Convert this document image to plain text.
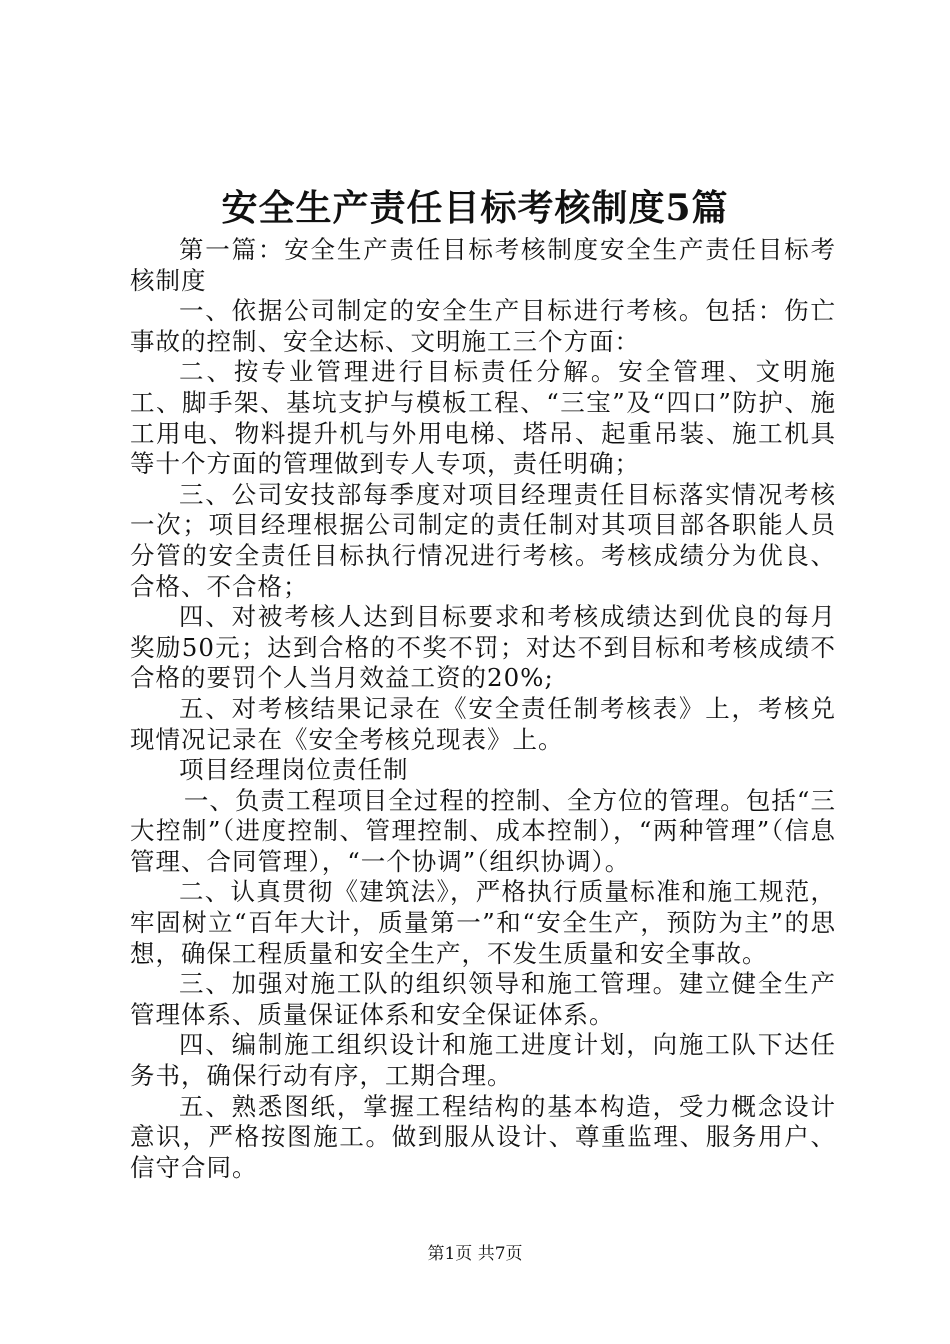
安全生产责任目标考核制度5篇

第一篇：安全生产责任目标考核制度安全生产责任目标考核制度

一、依据公司制定的安全生产目标进行考核。包括：伤亡事故的控制、安全达标、文明施工三个方面：

二、按专业管理进行目标责任分解。安全管理、文明施工、脚手架、基坑支护与模板工程、“三宝”及“四口”防护、施工用电、物料提升机与外用电梯、塔吊、起重吊装、施工机具等十个方面的管理做到专人专项，责任明确；

三、公司安技部每季度对项目经理责任目标落实情况考核一次；项目经理根据公司制定的责任制对其项目部各职能人员分管的安全责任目标执行情况进行考核。考核成绩分为优良、合格、不合格；

四、对被考核人达到目标要求和考核成绩达到优良的每月奖励50元；达到合格的不奖不罚；对达不到目标和考核成绩不合格的要罚个人当月效益工资的20%;

五、对考核结果记录在《安全责任制考核表》上，考核兑现情况记录在《安全考核兑现表》上。

项目经理岗位责任制

一、负责工程项目全过程的控制、全方位的管理。包括“三大控制”（进度控制、管理控制、成本控制），“两种管理”（信息管理、合同管理），“一个协调”（组织协调）。

二、认真贯彻《建筑法》，严格执行质量标准和施工规范，牢固树立“百年大计，质量第一”和“安全生产，预防为主”的思想，确保工程质量和安全生产，不发生质量和安全事故。

三、加强对施工队的组织领导和施工管理。建立健全生产管理体系、质量保证体系和安全保证体系。

四、编制施工组织设计和施工进度计划，向施工队下达任务书，确保行动有序，工期合理。

五、熟悉图纸，掌握工程结构的基本构造，受力概念设计意识，严格按图施工。做到服从设计、尊重监理、服务用户、信守合同。

第1页 共7页
